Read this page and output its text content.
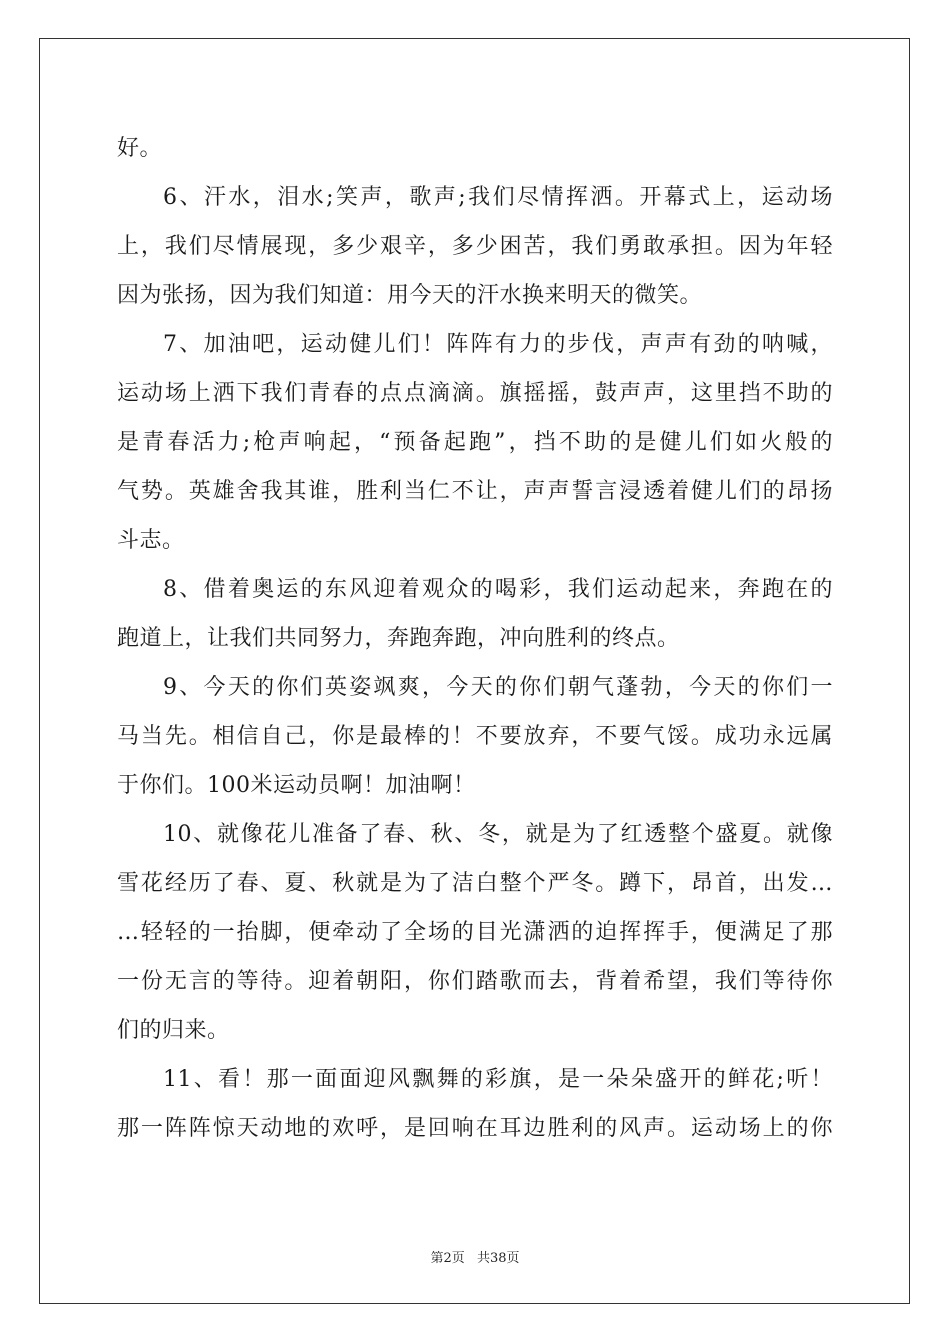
好。
6、汗水，泪水;笑声，歌声;我们尽情挥洒。开幕式上，运动场
上，我们尽情展现，多少艰辛，多少困苦，我们勇敢承担。因为年轻
因为张扬，因为我们知道：用今天的汗水换来明天的微笑。
7、加油吧，运动健儿们！阵阵有力的步伐，声声有劲的呐喊，
运动场上洒下我们青春的点点滴滴。旗摇摇，鼓声声，这里挡不助的
是青春活力;枪声响起，“预备起跑”，挡不助的是健儿们如火般的
气势。英雄舍我其谁，胜利当仁不让，声声誓言浸透着健儿们的昂扬
斗志。
8、借着奥运的东风迎着观众的喝彩，我们运动起来，奔跑在的
跑道上，让我们共同努力，奔跑奔跑，冲向胜利的终点。
9、今天的你们英姿飒爽，今天的你们朝气蓬勃，今天的你们一
马当先。相信自己，你是最棒的！不要放弃，不要气馁。成功永远属
于你们。100米运动员啊！加油啊！
10、就像花儿准备了春、秋、冬，就是为了红透整个盛夏。就像
雪花经历了春、夏、秋就是为了洁白整个严冬。蹲下，昂首，出发…
…轻轻的一抬脚，便牵动了全场的目光潇洒的迫挥挥手，便满足了那
一份无言的等待。迎着朝阳，你们踏歌而去，背着希望，我们等待你
们的归来。
11、看！那一面面迎风飘舞的彩旗，是一朵朵盛开的鲜花;听！
那一阵阵惊天动地的欢呼，是回响在耳边胜利的风声。运动场上的你
第2页 共38页
